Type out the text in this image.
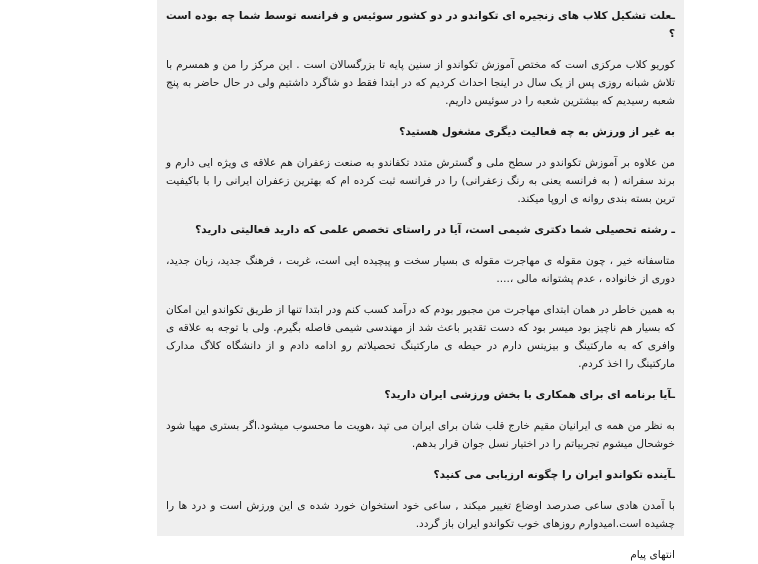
ـعلت تشکیل کلاب های زنجیره ای تکواندو در دو کشور سوئیس و فرانسه توسط شما چه بوده است ؟

کوریو کلاب مرکزی است که مختص آموزش تکواندو از سنین پایه تا بزرگسالان است . این مرکز را من و همسرم با تلاش شبانه روزی پس از یک سال در اینجا احداث کردیم که در ابتدا فقط دو شاگرد داشتیم ولی در حال حاضر به پنج شعبه رسیدیم که بیشترین شعبه را در سوئیس داریم.

به غیر از ورزش به چه فعالیت دیگری مشغول هستید؟

من علاوه بر آموزش تکواندو در سطح ملی و گسترش متدد تکفاندو به صنعت زعفران هم علاقه ی ویژه ایی دارم و برند سفرانه ( به فرانسه یعنی به رنگ زعفرانی) را در فرانسه ثبت کرده ام که بهترین زعفران ایرانی را با باکیفیت ترین بسته بندی روانه ی اروپا میکند.

ـ رشته تحصیلی شما دکتری شیمی است، آیا در راستای تخصص علمی که دارید فعالیتی دارید؟

متاسفانه خیر ، چون مقوله ی مهاجرت مقوله ی بسیار سخت و پیچیده ایی است، غربت ، فرهنگ جدید، زبان جدید، دوری از خانواده ، عدم پشتوانه مالی ،....

به همین خاطر در همان ابتدای مهاجرت من مجبور بودم که درآمد کسب کنم ودر ابتدا تنها از طریق تکواندو این امکان که بسیار هم ناچیز بود میسر بود که دست تقدیر باعث شد از مهندسی شیمی فاصله بگیرم. ولی با توجه به علاقه ی وافری که به مارکتینگ و بیزینس دارم در حیطه ی مارکتینگ تحصیلاتم رو ادامه دادم و از دانشگاه کلاگ مدارک مارکتینگ را اخذ کردم.

ـآیا برنامه ای برای همکاری با بخش ورزشی ایران دارید؟

به نظر من همه ی ایرانیان مقیم خارج قلب شان برای ایران می تپد ،هویت ما محسوب میشود.اگر بستری مهیا شود خوشحال میشوم تجربیاتم را در اختیار نسل جوان قرار بدهم.

ـآینده تکواندو ایران را چگونه ارزیابی می کنید؟

با آمدن هادی ساعی صدرصد اوضاع تغییر میکند , ساعی خود استخوان خورد شده ی این ورزش است و درد ها را چشیده است.امیدوارم روزهای خوب تکواندو ایران باز گردد.

انتهای پیام
